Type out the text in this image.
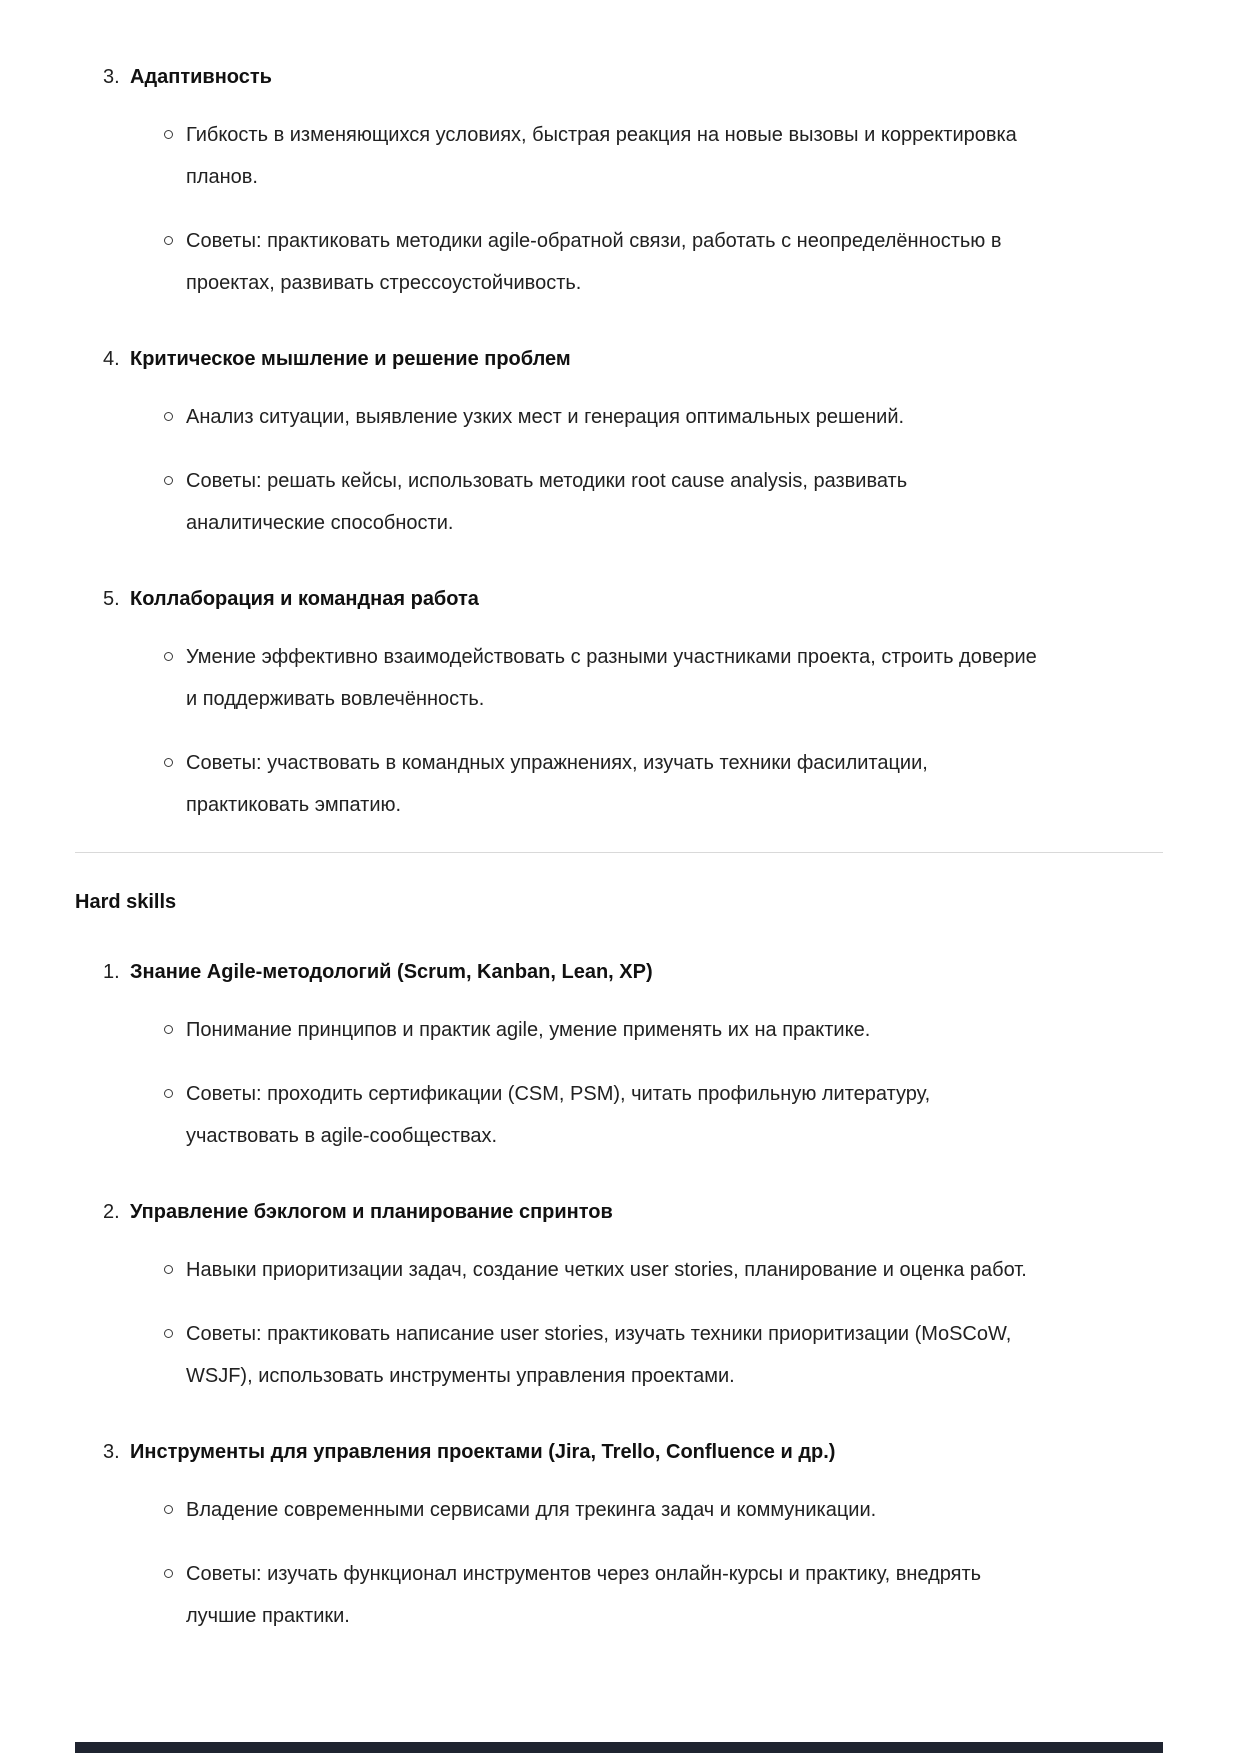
3. Адаптивность

Гибкость в изменяющихся условиях, быстрая реакция на новые вызовы и корректировка планов.

Советы: практиковать методики agile-обратной связи, работать с неопределённостью в проектах, развивать стрессоустойчивость.

4. Критическое мышление и решение проблем

Анализ ситуации, выявление узких мест и генерация оптимальных решений.

Советы: решать кейсы, использовать методики root cause analysis, развивать аналитические способности.

5. Коллаборация и командная работа

Умение эффективно взаимодействовать с разными участниками проекта, строить доверие и поддерживать вовлечённость.

Советы: участвовать в командных упражнениях, изучать техники фасилитации, практиковать эмпатию.

Hard skills

1. Знание Agile-методологий (Scrum, Kanban, Lean, XP)

Понимание принципов и практик agile, умение применять их на практике.

Советы: проходить сертификации (CSM, PSM), читать профильную литературу, участвовать в agile-сообществах.

2. Управление бэклогом и планирование спринтов

Навыки приоритизации задач, создание четких user stories, планирование и оценка работ.

Советы: практиковать написание user stories, изучать техники приоритизации (MoSCoW, WSJF), использовать инструменты управления проектами.

3. Инструменты для управления проектами (Jira, Trello, Confluence и др.)

Владение современными сервисами для трекинга задач и коммуникации.

Советы: изучать функционал инструментов через онлайн-курсы и практику, внедрять лучшие практики.
